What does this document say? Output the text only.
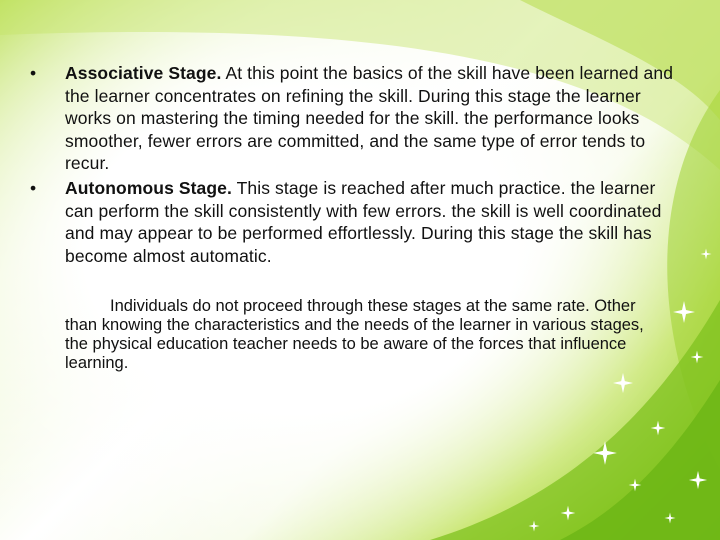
• Associative Stage. At this point the basics of the skill have been learned and the learner concentrates on refining the skill. During this stage the learner works on mastering the timing needed for the skill. the performance looks smoother, fewer errors are committed, and the same type of error tends to recur.
• Autonomous Stage. This stage is reached after much practice. the learner can perform the skill consistently with few errors. the skill is well coordinated and may appear to be performed effortlessly. During this stage the skill has become almost automatic.

Individuals do not proceed through these stages at the same rate. Other than knowing the characteristics and the needs of the learner in various stages, the physical education teacher needs to be aware of the forces that influence learning.
